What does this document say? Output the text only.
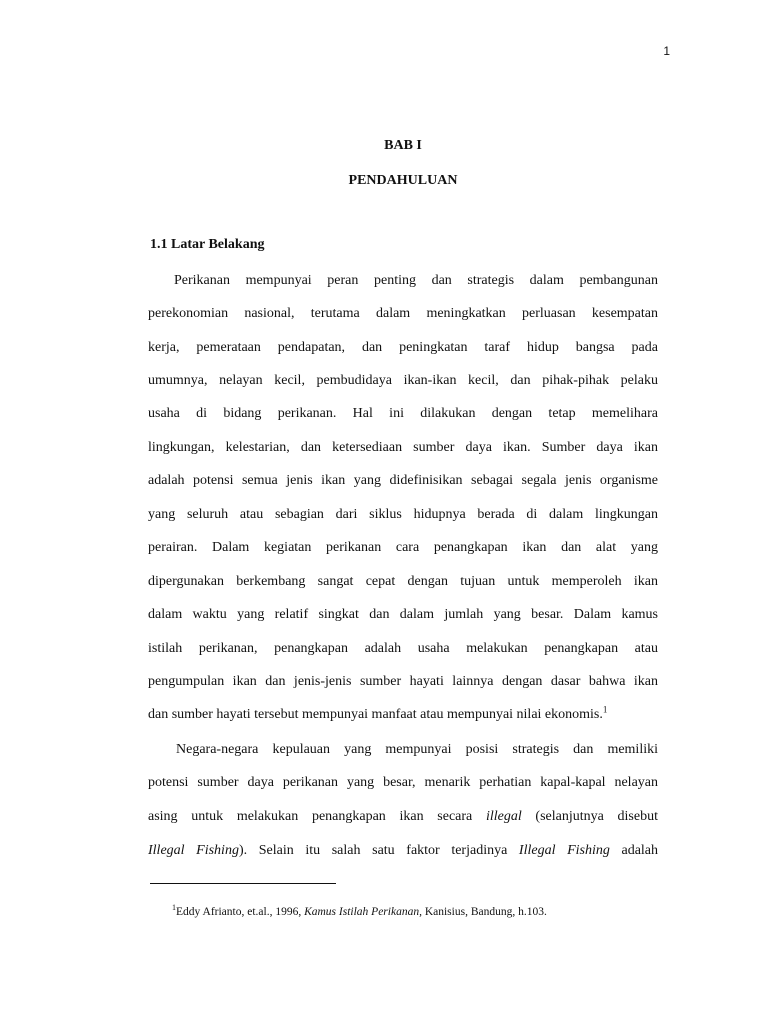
1
BAB I
PENDAHULUAN
1.1 Latar Belakang
Perikanan mempunyai peran penting dan strategis dalam pembangunan
perekonomian nasional, terutama dalam meningkatkan perluasan kesempatan
kerja, pemerataan pendapatan, dan peningkatan taraf hidup bangsa pada
umumnya, nelayan kecil, pembudidaya ikan-ikan kecil, dan pihak-pihak pelaku
usaha di bidang perikanan. Hal ini dilakukan dengan tetap memelihara
lingkungan, kelestarian, dan ketersediaan sumber daya ikan. Sumber daya ikan
adalah potensi semua jenis ikan yang didefinisikan sebagai segala jenis organisme
yang seluruh atau sebagian dari siklus hidupnya berada di dalam lingkungan
perairan. Dalam kegiatan perikanan cara penangkapan ikan dan alat yang
dipergunakan berkembang sangat cepat dengan tujuan untuk memperoleh ikan
dalam waktu yang relatif singkat dan dalam jumlah yang besar. Dalam kamus
istilah perikanan, penangkapan adalah usaha melakukan penangkapan atau
pengumpulan ikan dan jenis-jenis sumber hayati lainnya dengan dasar bahwa ikan
dan sumber hayati tersebut mempunyai manfaat atau mempunyai nilai ekonomis.$^1$
Negara-negara kepulauan yang mempunyai posisi strategis dan memiliki
potensi sumber daya perikanan yang besar, menarik perhatian kapal-kapal nelayan
asing untuk melakukan penangkapan ikan secara illegal (selanjutnya disebut
Illegal Fishing). Selain itu salah satu faktor terjadinya Illegal Fishing adalah
$^1$Eddy Afrianto, et.al., 1996, Kamus Istilah Perikanan, Kanisius, Bandung, h.103.
